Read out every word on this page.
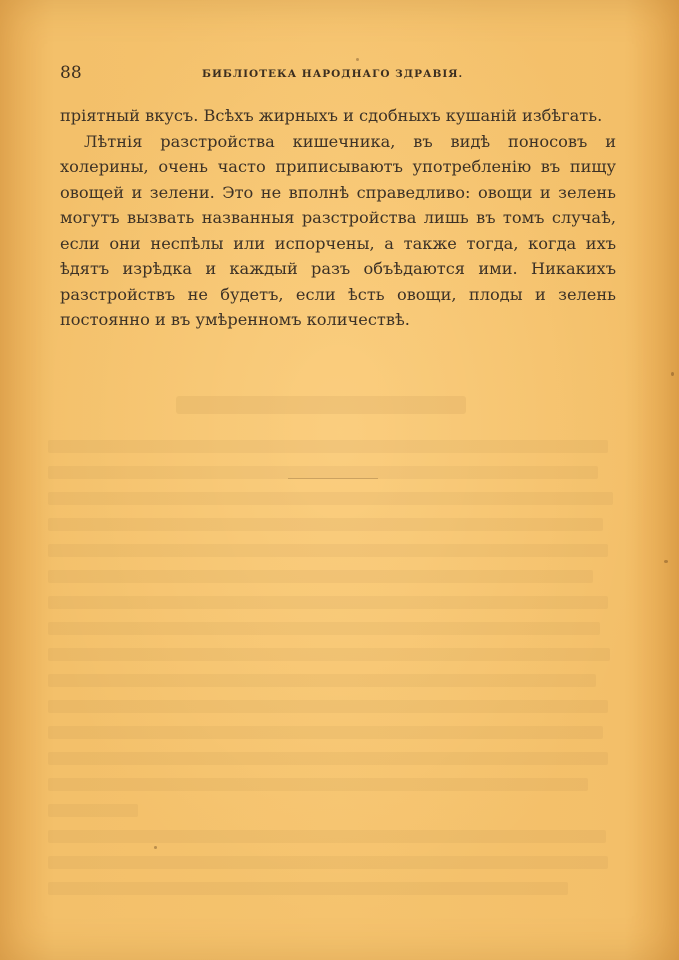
88	БИБЛІОТЕКА НАРОДНАГО ЗДРАВІЯ.

пріятный вкусъ. Всѣхъ жирныхъ и сдобныхъ кушаній избѣгать.

Лѣтнія разстройства кишечника, въ видѣ поносовъ и холерины, очень часто приписываютъ употребленію въ пищу овощей и зелени. Это не вполнѣ справедливо: овощи и зелень могутъ вызвать названныя разстройства лишь въ томъ случаѣ, если они неспѣлы или испорчены, а также тогда, когда ихъ ѣдятъ изрѣдка и каждый разъ объѣдаются ими. Никакихъ разстройствъ не будетъ, если ѣсть овощи, плоды и зелень постоянно и въ умѣренномъ количествѣ.
